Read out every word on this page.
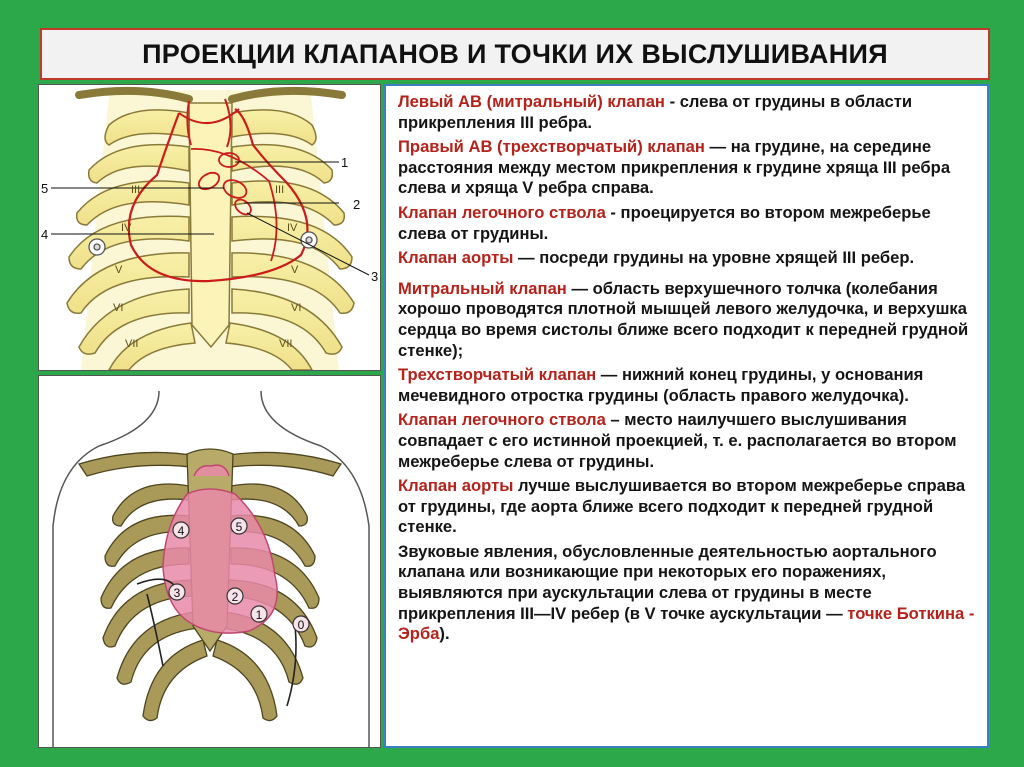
ПРОЕКЦИИ КЛАПАНОВ И ТОЧКИ ИХ ВЫСЛУШИВАНИЯ
III
IV
V
VI
VII
III
IV
V
VI
VII
5
4
1
2
3
4	5
3	2
1
0

Левый АВ (митральный) клапан - слева от грудины в области прикрепления III ребра.

Правый АВ (трехстворчатый) клапан — на грудине, на середине расстояния между местом прикрепления к грудине хряща III ребра слева и хряща V ребра справа.

Клапан легочного ствола - проецируется во втором межреберье слева от грудины.

Клапан аорты — посреди грудины на уровне хрящей III ребер.

Митральный клапан — область верхушечного толчка (колебания хорошо проводятся плотной мышцей левого желудочка, и верхушка сердца во время систолы ближе всего подходит к передней грудной стенке);

Трехстворчатый клапан — нижний конец грудины, у основания мечевидного отростка грудины (область правого желудочка).

Клапан легочного ствола – место наилучшего выслушивания совпадает с его истинной проекцией, т. е. располагается во втором межреберье слева от грудины.

Клапан аорты лучше выслушивается во втором межреберье справа от грудины, где аорта ближе всего подходит к передней грудной стенке.

Звуковые явления, обусловленные деятельностью аортального клапана или возникающие при некоторых его поражениях, выявляются при аускультации слева от грудины в месте прикрепления III—IV ребер (в V точке аускультации — точке Боткина - Эрба).
